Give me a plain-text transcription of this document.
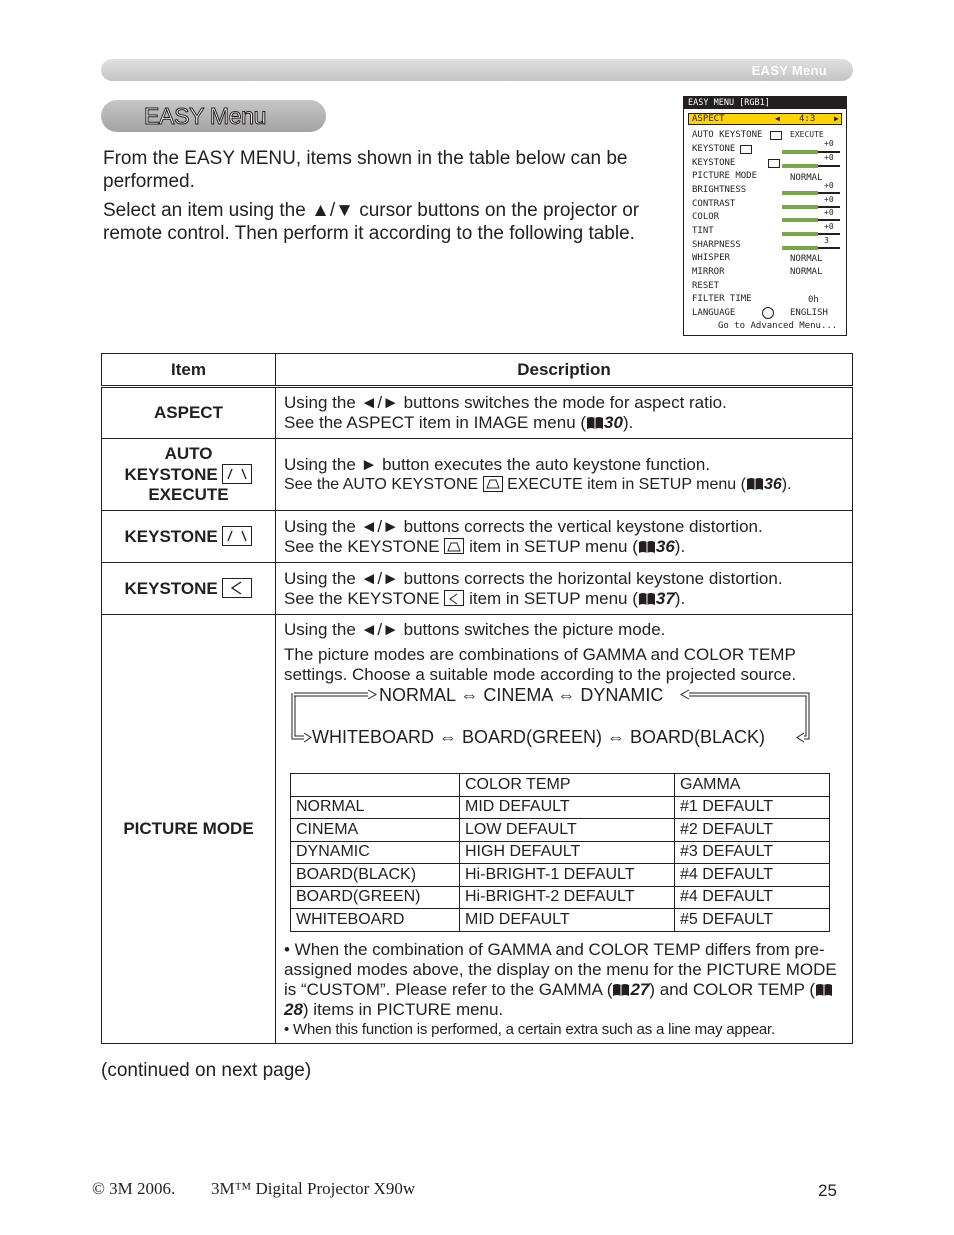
EASY Menu
EASY Menu
From the EASY MENU, items shown in the table below can be performed.
Select an item using the ▲/▼ cursor buttons on the projector or remote control. Then perform it according to the following table.
EASY MENU [RGB1]
ASPECT	◀ 4:3 ▶
AUTO KEYSTONE	EXECUTE
KEYSTONE
+0
KEYSTONE
+0
PICTURE MODE	NORMAL
BRIGHTNESS	+0
CONTRAST	+0
COLOR	+0
TINT	+0
SHARPNESS	3
WHISPER	NORMAL
MIRROR	NORMAL
RESET
FILTER TIME	0h
LANGUAGE	ENGLISH
Go to Advanced Menu...
Item	Description
ASPECT	
Using the ◄/► buttons switches the mode for aspect ratio.
See the ASPECT item in IMAGE menu ( 30).

AUTO
KEYSTONE
EXECUTE

Using the ► button executes the auto keystone function.
See the AUTO KEYSTONE EXECUTE item in SETUP menu ( 36).

KEYSTONE	
Using the ◄/► buttons corrects the vertical keystone distortion.
See the KEYSTONE item in SETUP menu ( 36).

KEYSTONE	
Using the ◄/► buttons corrects the horizontal keystone distortion.
See the KEYSTONE item in SETUP menu ( 37).

PICTURE MODE	
Using the ◄/► buttons switches the picture mode.
The picture modes are combinations of GAMMA and COLOR TEMP settings. Choose a suitable mode according to the projected source.
NORMAL ⇔ CINEMA ⇔ DYNAMIC
WHITEBOARD ⇔ BOARD(GREEN) ⇔ BOARD(BLACK)
	COLOR TEMP	GAMMA
NORMAL	MID DEFAULT	#1 DEFAULT
CINEMA	LOW DEFAULT	#2 DEFAULT
DYNAMIC	HIGH DEFAULT	#3 DEFAULT
BOARD(BLACK)	Hi-BRIGHT-1 DEFAULT	#4 DEFAULT
BOARD(GREEN)	Hi-BRIGHT-2 DEFAULT	#4 DEFAULT
WHITEBOARD	MID DEFAULT	#5 DEFAULT
• When the combination of GAMMA and COLOR TEMP differs from pre-assigned modes above, the display on the menu for the PICTURE MODE is “CUSTOM”. Please refer to the GAMMA ( 27) and COLOR TEMP (28) items in PICTURE menu.
• When this function is performed, a certain extra such as a line may appear.
(continued on next page)
© 3M 2006. 3M™ Digital Projector X90w	25
